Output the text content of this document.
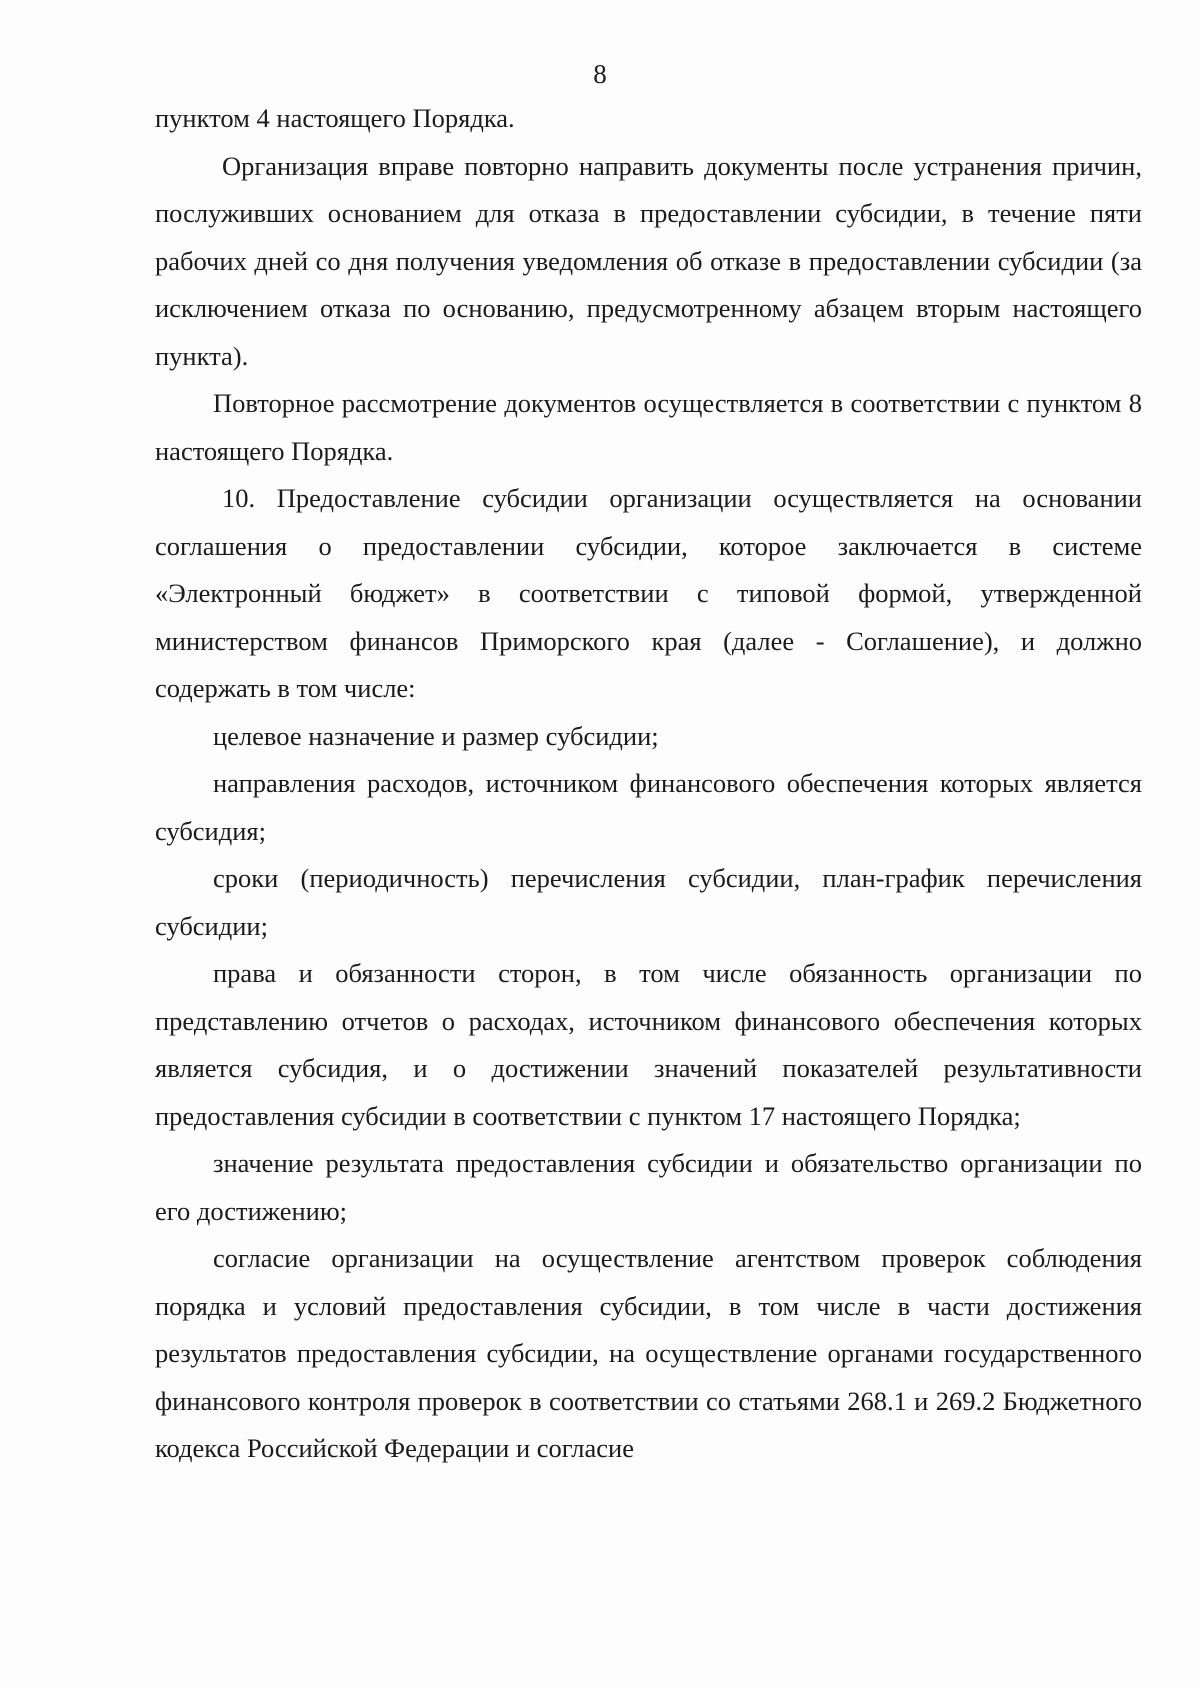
8

пунктом 4 настоящего Порядка.

Организация вправе повторно направить документы после устранения причин, послуживших основанием для отказа в предоставлении субсидии, в течение пяти рабочих дней со дня получения уведомления об отказе в предоставлении субсидии (за исключением отказа по основанию, предусмотренному абзацем вторым настоящего пункта).

Повторное рассмотрение документов осуществляется в соответствии с пунктом 8 настоящего Порядка.

10. Предоставление субсидии организации осуществляется на основании соглашения о предоставлении субсидии, которое заключается в системе «Электронный бюджет» в соответствии с типовой формой, утвержденной министерством финансов Приморского края (далее - Соглашение), и должно содержать в том числе:

целевое назначение и размер субсидии;

направления расходов, источником финансового обеспечения которых является субсидия;

сроки (периодичность) перечисления субсидии, план-график перечисления субсидии;

права и обязанности сторон, в том числе обязанность организации по представлению отчетов о расходах, источником финансового обеспечения которых является субсидия, и о достижении значений показателей результативности предоставления субсидии в соответствии с пунктом 17 настоящего Порядка;

значение результата предоставления субсидии и обязательство организации по его достижению;

согласие организации на осуществление агентством проверок соблюдения порядка и условий предоставления субсидии, в том числе в части достижения результатов предоставления субсидии, на осуществление органами государственного финансового контроля проверок в соответствии со статьями 268.1 и 269.2 Бюджетного кодекса Российской Федерации и согласие
